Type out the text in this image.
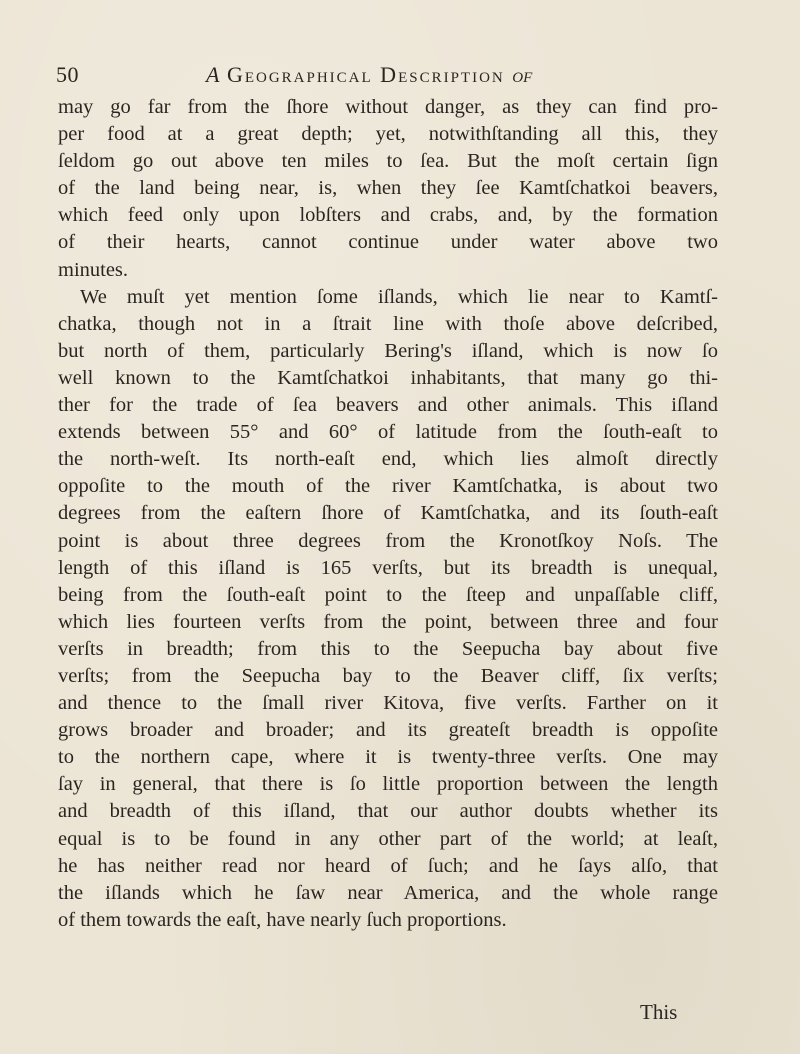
50	A Geographical Description of
may go far from the ſhore without danger, as they can find pro-
per food at a great depth; yet, notwithſtanding all this, they
ſeldom go out above ten miles to ſea. But the moſt certain ſign
of the land being near, is, when they ſee Kamtſchatkoi beavers,
which feed only upon lobſters and crabs, and, by the formation
of their hearts, cannot continue under water above two
minutes.
We muſt yet mention ſome iſlands, which lie near to Kamtſ-
chatka, though not in a ſtrait line with thoſe above deſcribed,
but north of them, particularly Bering's iſland, which is now ſo
well known to the Kamtſchatkoi inhabitants, that many go thi-
ther for the trade of ſea beavers and other animals. This iſland
extends between 55° and 60° of latitude from the ſouth-eaſt to
the north-weſt. Its north-eaſt end, which lies almoſt directly
oppoſite to the mouth of the river Kamtſchatka, is about two
degrees from the eaſtern ſhore of Kamtſchatka, and its ſouth-eaſt
point is about three degrees from the Kronotſkoy Noſs. The
length of this iſland is 165 verſts, but its breadth is unequal,
being from the ſouth-eaſt point to the ſteep and unpaſſable cliff,
which lies fourteen verſts from the point, between three and four
verſts in breadth; from this to the Seepucha bay about five
verſts; from the Seepucha bay to the Beaver cliff, ſix verſts;
and thence to the ſmall river Kitova, five verſts. Farther on it
grows broader and broader; and its greateſt breadth is oppoſite
to the northern cape, where it is twenty-three verſts. One may
ſay in general, that there is ſo little proportion between the length
and breadth of this iſland, that our author doubts whether its
equal is to be found in any other part of the world; at leaſt,
he has neither read nor heard of ſuch; and he ſays alſo, that
the iſlands which he ſaw near America, and the whole range
of them towards the eaſt, have nearly ſuch proportions.
This
